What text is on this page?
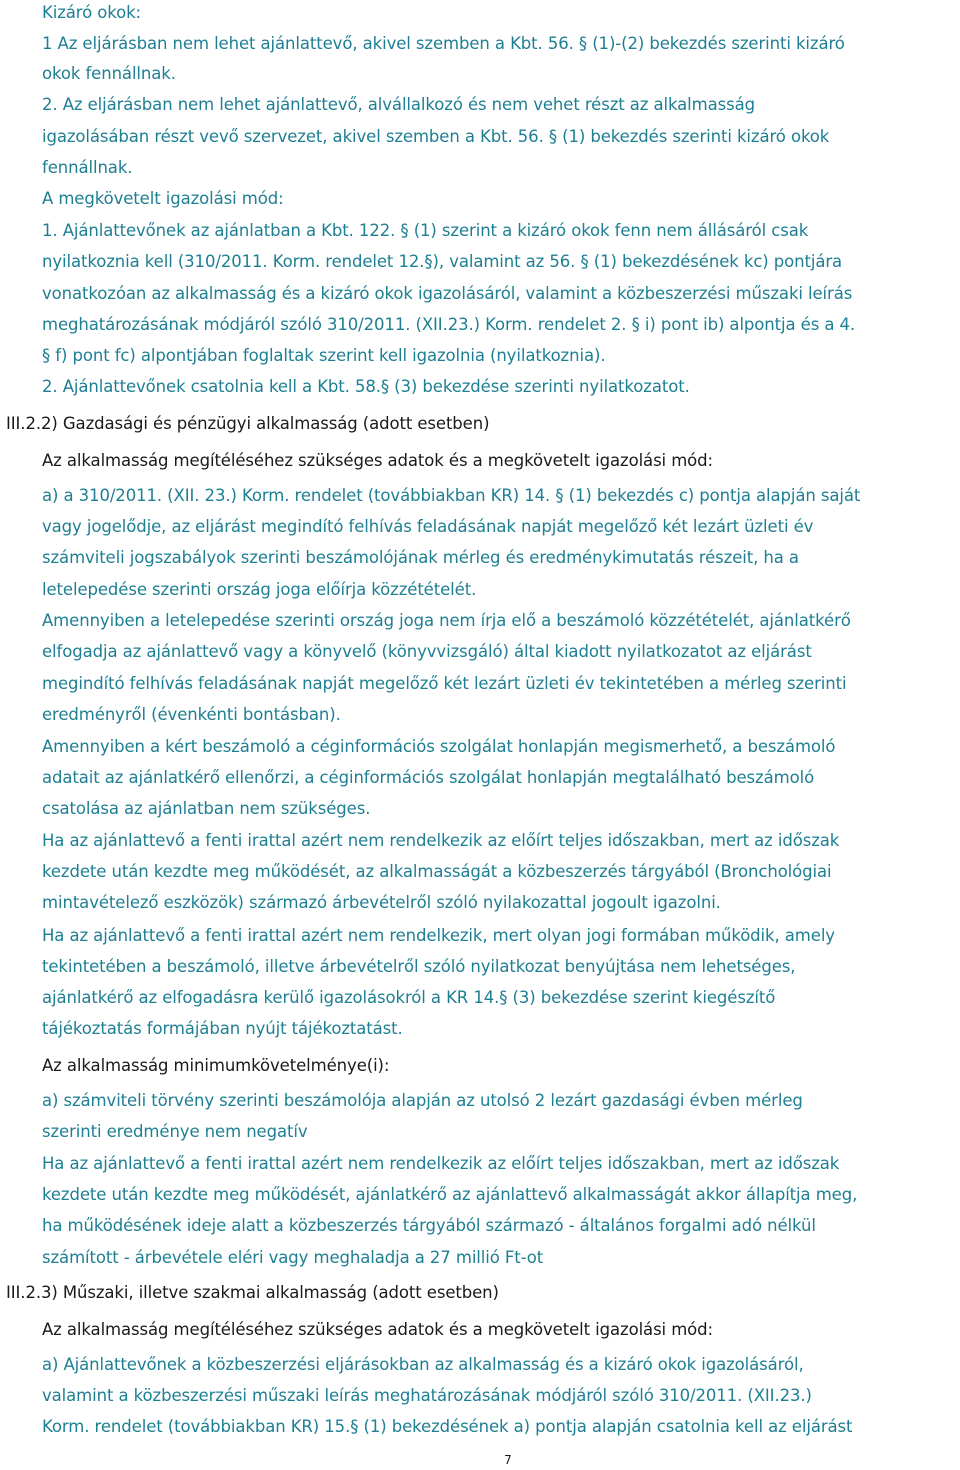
Kizáró okok:
1 Az eljárásban nem lehet ajánlattevő, akivel szemben a Kbt. 56. § (1)-(2) bekezdés szerinti kizáró
okok fennállnak.
2. Az eljárásban nem lehet ajánlattevő, alvállalkozó és nem vehet részt az alkalmasság
igazolásában részt vevő szervezet, akivel szemben a Kbt. 56. § (1) bekezdés szerinti kizáró okok
fennállnak.
A megkövetelt igazolási mód:
1. Ajánlattevőnek az ajánlatban a Kbt. 122. § (1) szerint a kizáró okok fenn nem állásáról csak
nyilatkoznia kell (310/2011. Korm. rendelet 12.§), valamint az 56. § (1) bekezdésének kc) pontjára
vonatkozóan az alkalmasság és a kizáró okok igazolásáról, valamint a közbeszerzési műszaki leírás
meghatározásának módjáról szóló 310/2011. (XII.23.) Korm. rendelet 2. § i) pont ib) alpontja és a 4.
§ f) pont fc) alpontjában foglaltak szerint kell igazolnia (nyilatkoznia).
2. Ajánlattevőnek csatolnia kell a Kbt. 58.§ (3) bekezdése szerinti nyilatkozatot.
III.2.2) Gazdasági és pénzügyi alkalmasság (adott esetben)
Az alkalmasság megítéléséhez szükséges adatok és a megkövetelt igazolási mód:
a) a 310/2011. (XII. 23.) Korm. rendelet (továbbiakban KR) 14. § (1) bekezdés c) pontja alapján saját
vagy jogelődje, az eljárást megindító felhívás feladásának napját megelőző két lezárt üzleti év
számviteli jogszabályok szerinti beszámolójának mérleg és eredménykimutatás részeit, ha a
letelepedése szerinti ország joga előírja közzétételét.
Amennyiben a letelepedése szerinti ország joga nem írja elő a beszámoló közzétételét, ajánlatkérő
elfogadja az ajánlattevő vagy a könyvelő (könyvvizsgáló) által kiadott nyilatkozatot az eljárást
megindító felhívás feladásának napját megelőző két lezárt üzleti év tekintetében a mérleg szerinti
eredményről (évenkénti bontásban).
Amennyiben a kért beszámoló a céginformációs szolgálat honlapján megismerhető, a beszámoló
adatait az ajánlatkérő ellenőrzi, a céginformációs szolgálat honlapján megtalálható beszámoló
csatolása az ajánlatban nem szükséges.
Ha az ajánlattevő a fenti irattal azért nem rendelkezik az előírt teljes időszakban, mert az időszak
kezdete után kezdte meg működését, az alkalmasságát a közbeszerzés tárgyából (Bronchológiai
mintavételező eszközök) származó árbevételről szóló nyilakozattal jogoult igazolni.
Ha az ajánlattevő a fenti irattal azért nem rendelkezik, mert olyan jogi formában működik, amely
tekintetében a beszámoló, illetve árbevételről szóló nyilatkozat benyújtása nem lehetséges,
ajánlatkérő az elfogadásra kerülő igazolásokról a KR 14.§ (3) bekezdése szerint kiegészítő
tájékoztatás formájában nyújt tájékoztatást.
Az alkalmasság minimumkövetelménye(i):
a) számviteli törvény szerinti beszámolója alapján az utolsó 2 lezárt gazdasági évben mérleg
szerinti eredménye nem negatív
Ha az ajánlattevő a fenti irattal azért nem rendelkezik az előírt teljes időszakban, mert az időszak
kezdete után kezdte meg működését, ajánlatkérő az ajánlattevő alkalmasságát akkor állapítja meg,
ha működésének ideje alatt a közbeszerzés tárgyából származó - általános forgalmi adó nélkül
számított - árbevétele eléri vagy meghaladja a 27 millió Ft-ot
III.2.3) Műszaki, illetve szakmai alkalmasság (adott esetben)
Az alkalmasság megítéléséhez szükséges adatok és a megkövetelt igazolási mód:
a) Ajánlattevőnek a közbeszerzési eljárásokban az alkalmasság és a kizáró okok igazolásáról,
valamint a közbeszerzési műszaki leírás meghatározásának módjáról szóló 310/2011. (XII.23.)
Korm. rendelet (továbbiakban KR) 15.§ (1) bekezdésének a) pontja alapján csatolnia kell az eljárást
7
